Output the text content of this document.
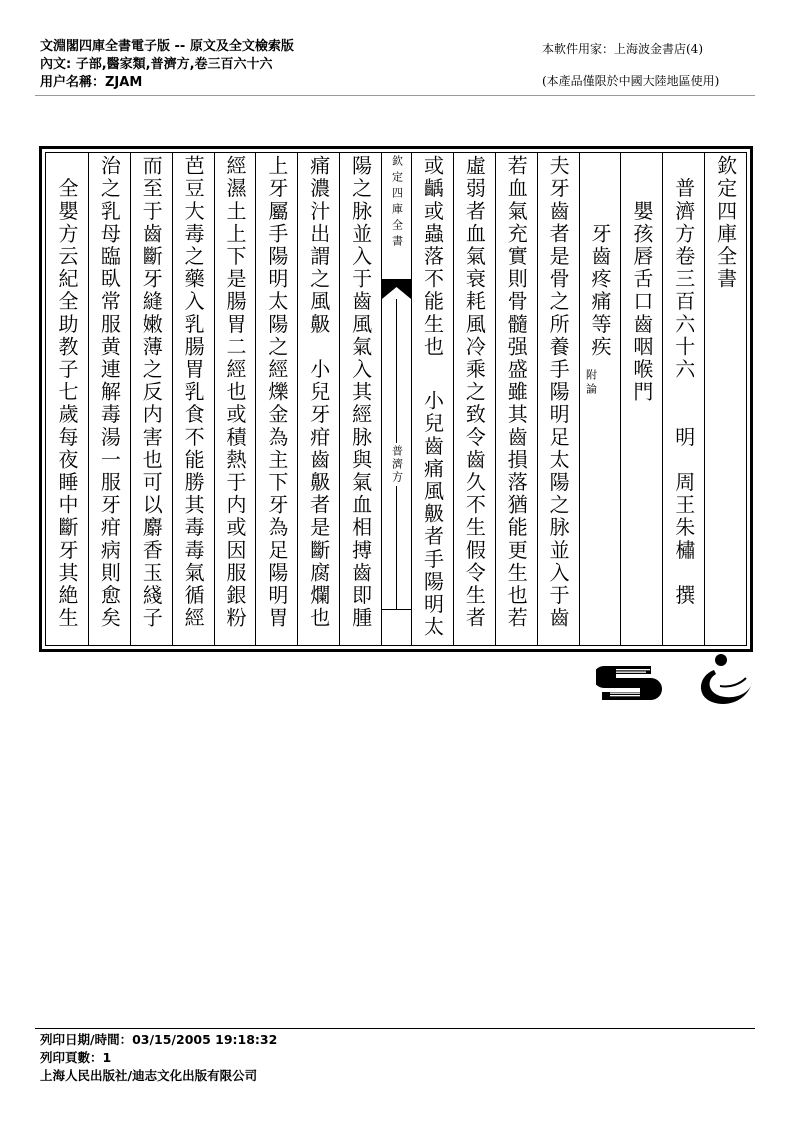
文淵閣四庫全書電子版 -- 原文及全文檢索版
內文: 子部,醫家類,普濟方,卷三百六十六
用户名稱：ZJAM
本軟件用家：上海波金書店(4)
(本產品僅限於中國大陸地區使用)
欽定四庫全書
　普濟方卷三百六十六　　明　周王朱橚　撰
　　嬰孩唇舌口齒咽喉門
　　　牙齒疼痛等疾
附論
夫牙齒者是骨之所養手陽明足太陽之脉並入于齒
若血氣充實則骨髓强盛雖其齒損落猶能更生也若
虛弱者血氣衰耗風冷乘之致令齒久不生假令生者
或齲或蟲落不能生也　 小兒齒痛風䶋者手陽明太
欽定四庫全書
普濟方
陽之脉並入于齒風氣入其經脉與氣血相搏齒即腫
痛濃汁出謂之風䶋　小兒牙疳齒䶋者是斷腐爛也
上牙屬手陽明太陽之經爍金為主下牙為足陽明胃
經濕土上下是腸胃二經也或積熱于内或因服銀粉
芭豆大毒之藥入乳腸胃乳食不能勝其毒毒氣循經
而至于齒斷牙縫嫩薄之反内害也可以麝香玉綫子
治之乳母臨臥常服黄連解毒湯一服牙疳病則愈矣
　全嬰方云紀全助教子七歲每夜睡中斷牙其絶生
列印日期/時間：03/15/2005 19:18:32
列印頁數：1
上海人民出版社/迪志文化出版有限公司
